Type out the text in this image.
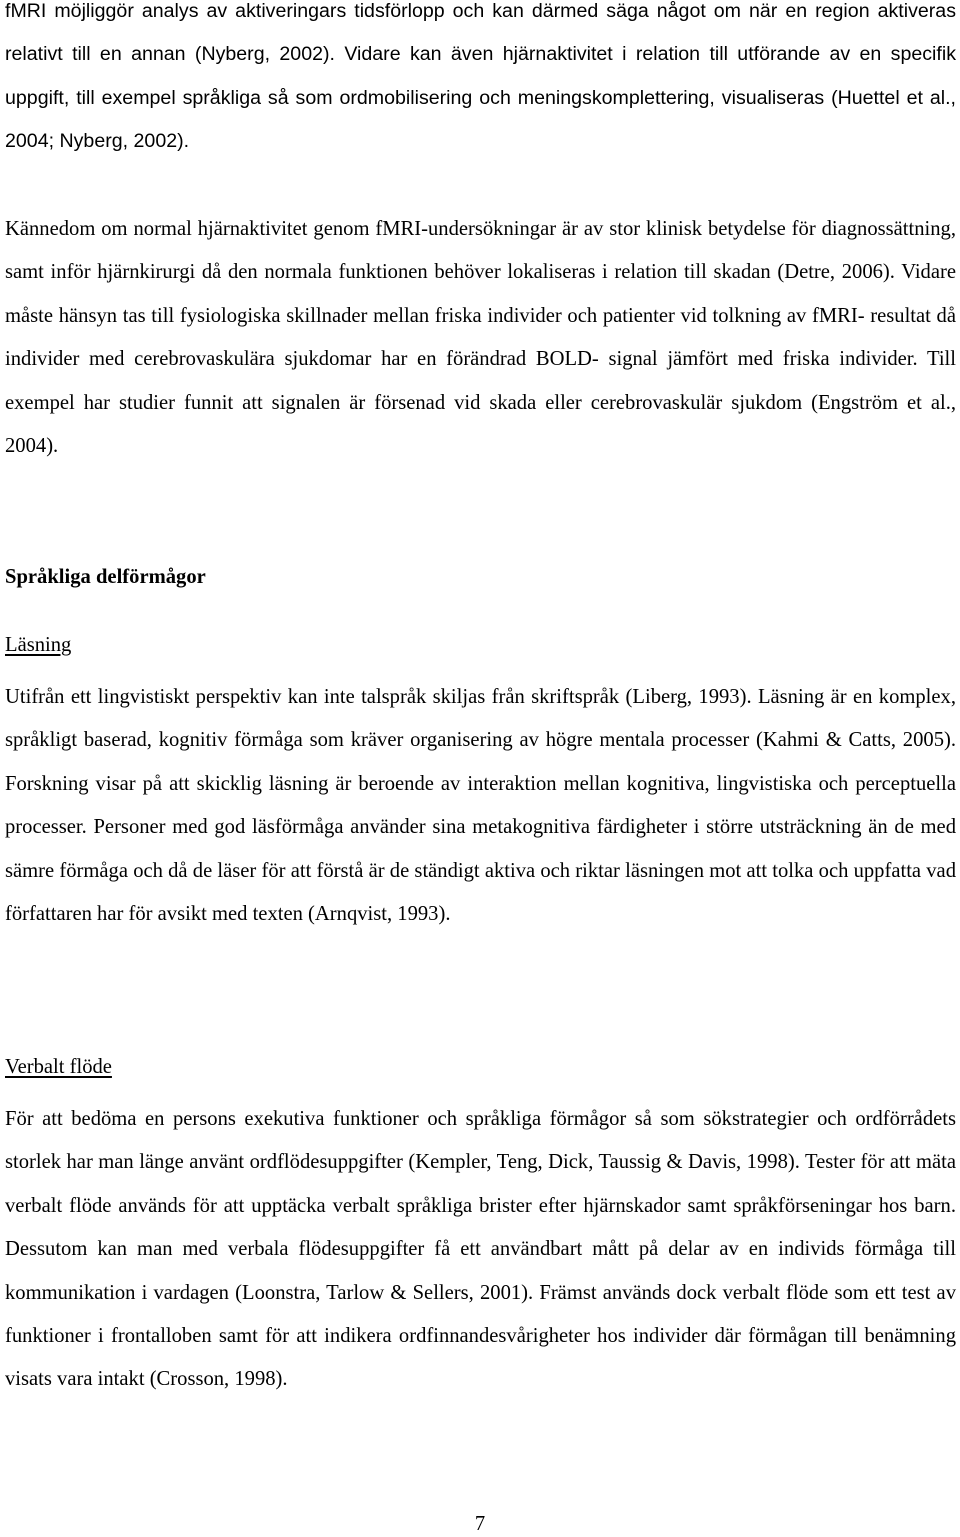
fMRI möjliggör analys av aktiveringars tidsförlopp och kan därmed säga något om när en region aktiveras relativt till en annan (Nyberg, 2002). Vidare kan även hjärnaktivitet i relation till utförande av en specifik uppgift, till exempel språkliga så som ordmobilisering och meningskomplettering, visualiseras (Huettel et al., 2004; Nyberg, 2002).

Kännedom om normal hjärnaktivitet genom fMRI-undersökningar är av stor klinisk betydelse för diagnossättning, samt inför hjärnkirurgi då den normala funktionen behöver lokaliseras i relation till skadan (Detre, 2006). Vidare måste hänsyn tas till fysiologiska skillnader mellan friska individer och patienter vid tolkning av fMRI- resultat då individer med cerebrovaskulära sjukdomar har en förändrad BOLD- signal jämfört med friska individer. Till exempel har studier funnit att signalen är försenad vid skada eller cerebrovaskulär sjukdom (Engström et al., 2004).

Språkliga delförmågor
Läsning

Utifrån ett lingvistiskt perspektiv kan inte talspråk skiljas från skriftspråk (Liberg, 1993). Läsning är en komplex, språkligt baserad, kognitiv förmåga som kräver organisering av högre mentala processer (Kahmi & Catts, 2005). Forskning visar på att skicklig läsning är beroende av interaktion mellan kognitiva, lingvistiska och perceptuella processer. Personer med god läsförmåga använder sina metakognitiva färdigheter i större utsträckning än de med sämre förmåga och då de läser för att förstå är de ständigt aktiva och riktar läsningen mot att tolka och uppfatta vad författaren har för avsikt med texten (Arnqvist, 1993).

Verbalt flöde

För att bedöma en persons exekutiva funktioner och språkliga förmågor så som sökstrategier och ordförrådets storlek har man länge använt ordflödesuppgifter (Kempler, Teng, Dick, Taussig & Davis, 1998). Tester för att mäta verbalt flöde används för att upptäcka verbalt språkliga brister efter hjärnskador samt språkförseningar hos barn. Dessutom kan man med verbala flödesuppgifter få ett användbart mått på delar av en individs förmåga till kommunikation i vardagen (Loonstra, Tarlow & Sellers, 2001). Främst används dock verbalt flöde som ett test av funktioner i frontalloben samt för att indikera ordfinnandesvårigheter hos individer där förmågan till benämning visats vara intakt (Crosson, 1998).

7
